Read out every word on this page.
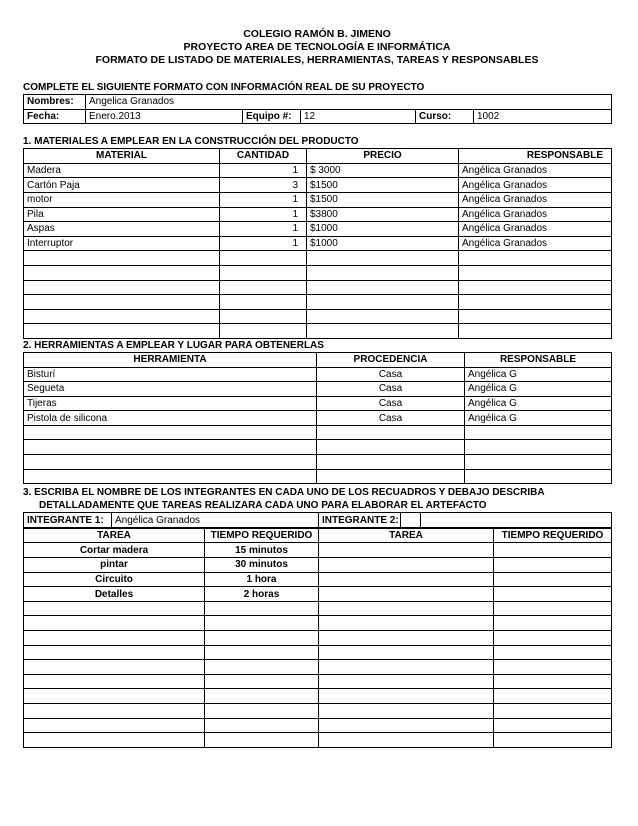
COLEGIO RAMÓN B. JIMENO
PROYECTO AREA DE TECNOLOGÍA E INFORMÁTICA
FORMATO DE LISTADO DE MATERIALES, HERRAMIENTAS, TAREAS Y RESPONSABLES
COMPLETE EL SIGUIENTE FORMATO CON INFORMACIÓN REAL DE SU PROYECTO
Nombres:	Angelica Granados				
Fecha:	Enero.2013	Equipo #:	12	Curso:	1002
1. MATERIALES A EMPLEAR EN LA CONSTRUCCIÓN DEL PRODUCTO
MATERIAL	CANTIDAD	PRECIO	RESPONSABLE
Madera	1	$ 3000	Angélica Granados
Cartón Paja	3	$1500	Angélica Granados
motor	1	$1500	Angélica Granados
Pila	1	$3800	Angélica Granados
Aspas	1	$1000	Angélica Granados
Interruptor	1	$1000	Angélica Granados

2. HERRAMIENTAS A EMPLEAR Y LUGAR PARA OBTENERLAS
HERRAMIENTA	PROCEDENCIA	RESPONSABLE
Bisturí	Casa	Angélica G
Segueta	Casa	Angélica G
Tijeras	Casa	Angélica G
Pistola de silicona	Casa	Angélica G

3. ESCRIBA EL NOMBRE DE LOS INTEGRANTES EN CADA UNO DE LOS RECUADROS Y DEBAJO DESCRIBA
DETALLADAMENTE QUE TAREAS REALIZARA CADA UNO PARA ELABORAR EL ARTEFACTO
INTEGRANTE 1:	Angélica Granados	INTEGRANTE 2:		
TAREA	TIEMPO REQUERIDO	TAREA	TIEMPO REQUERIDO
Cortar madera	15 minutos		
pintar	30 minutos		
Circuito	1 hora		
Detalles	2 horas		
